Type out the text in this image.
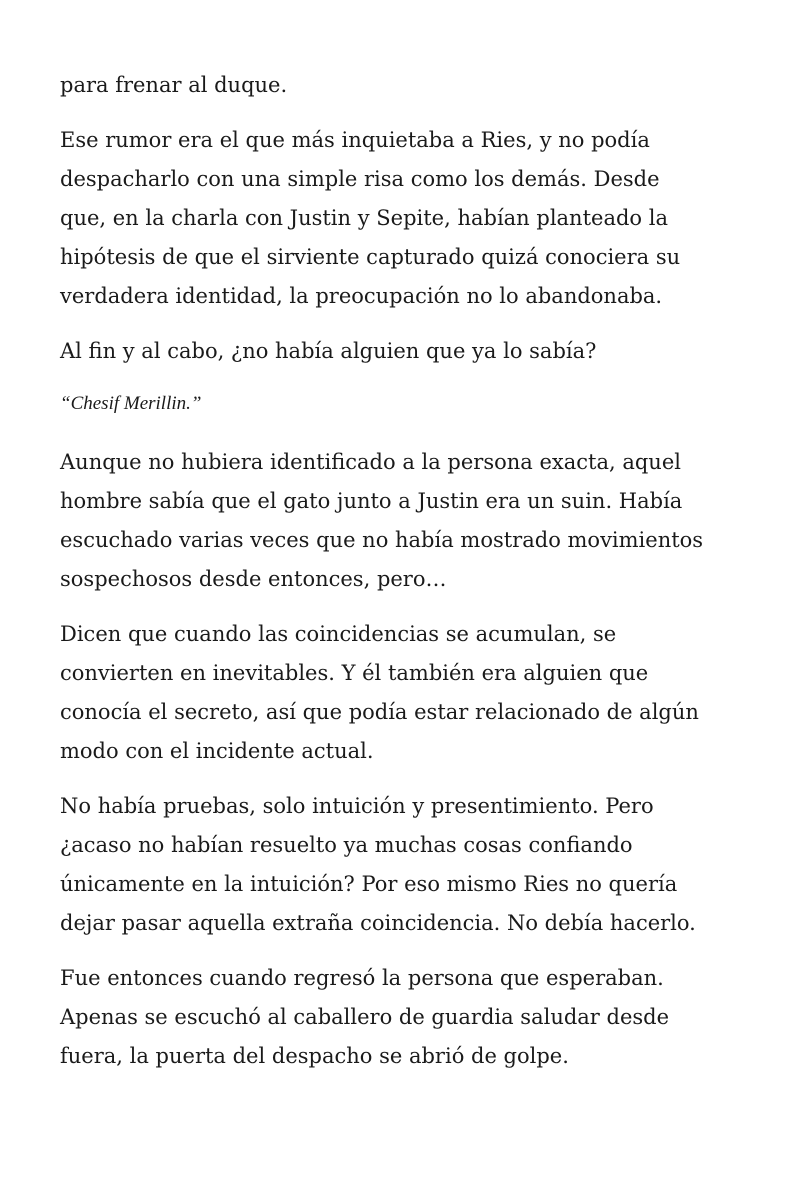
para frenar al duque.

Ese rumor era el que más inquietaba a Ries, y no podía
despacharlo con una simple risa como los demás. Desde
que, en la charla con Justin y Sepite, habían planteado la
hipótesis de que el sirviente capturado quizá conociera su
verdadera identidad, la preocupación no lo abandonaba.

Al fin y al cabo, ¿no había alguien que ya lo sabía?

“Chesif Merillin.”

Aunque no hubiera identificado a la persona exacta, aquel
hombre sabía que el gato junto a Justin era un suin. Había
escuchado varias veces que no había mostrado movimientos
sospechosos desde entonces, pero…

Dicen que cuando las coincidencias se acumulan, se
convierten en inevitables. Y él también era alguien que
conocía el secreto, así que podía estar relacionado de algún
modo con el incidente actual.

No había pruebas, solo intuición y presentimiento. Pero
¿acaso no habían resuelto ya muchas cosas confiando
únicamente en la intuición? Por eso mismo Ries no quería
dejar pasar aquella extraña coincidencia. No debía hacerlo.

Fue entonces cuando regresó la persona que esperaban.
Apenas se escuchó al caballero de guardia saludar desde
fuera, la puerta del despacho se abrió de golpe.
